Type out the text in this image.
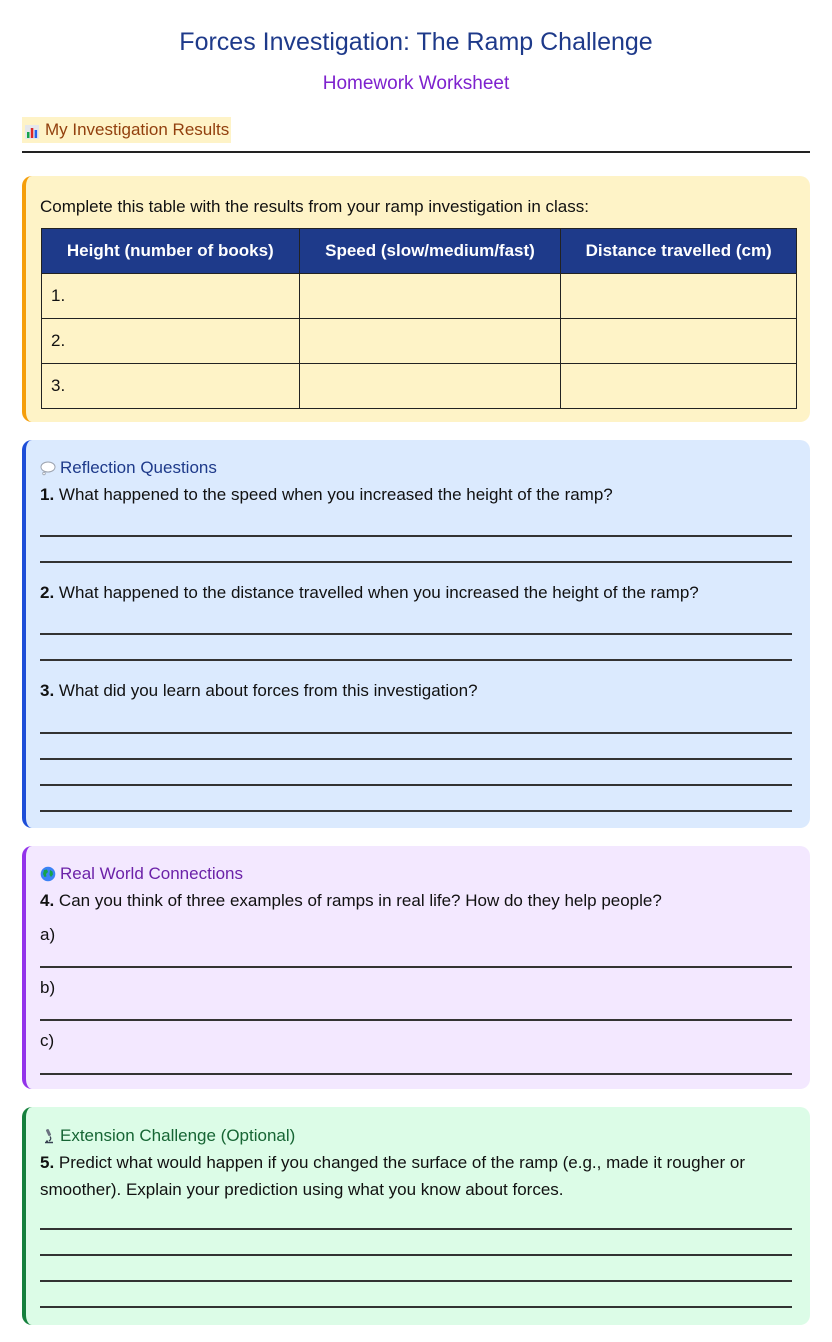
Forces Investigation: The Ramp Challenge
Homework Worksheet
My Investigation Results
Complete this table with the results from your ramp investigation in class:
Height (number of books)	Speed (slow/medium/fast)	Distance travelled (cm)
1.		
2.		
3.		
Reflection Questions
1. What happened to the speed when you increased the height of the ramp?
2. What happened to the distance travelled when you increased the height of the ramp?
3. What did you learn about forces from this investigation?
Real World Connections
4. Can you think of three examples of ramps in real life? How do they help people?
a)
b)
c)
Extension Challenge (Optional)
5. Predict what would happen if you changed the surface of the ramp (e.g., made it rougher or smoother). Explain your prediction using what you know about forces.
